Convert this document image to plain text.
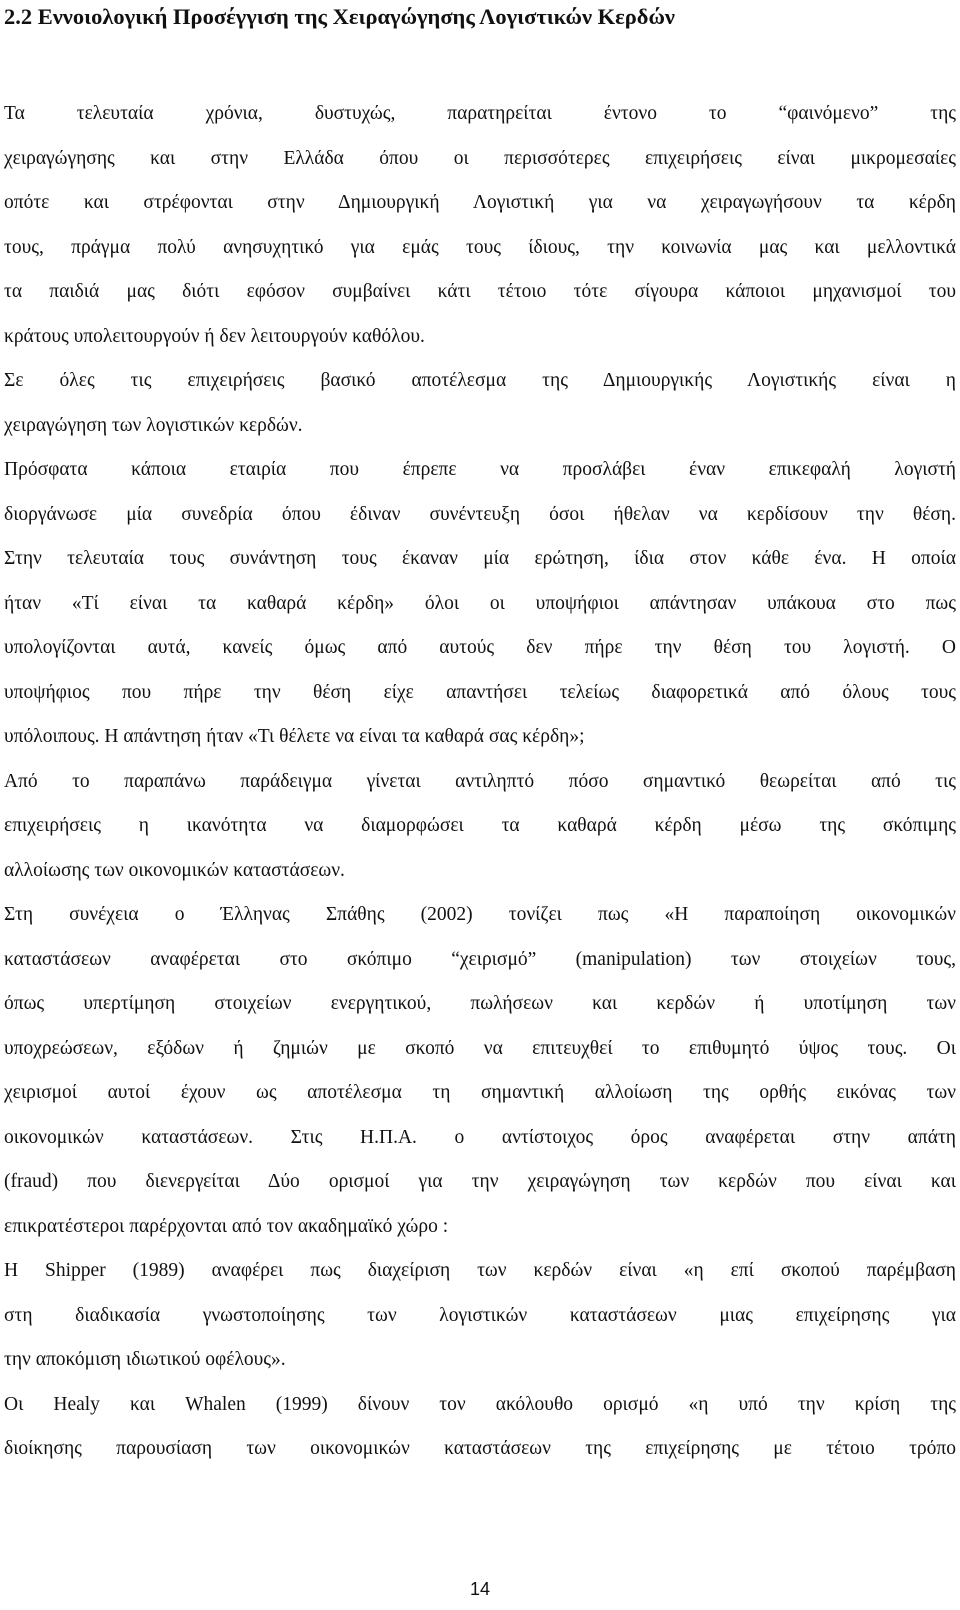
2.2 Εννοιολογική Προσέγγιση της Χειραγώγησης Λογιστικών Κερδών

Τα τελευταία χρόνια, δυστυχώς, παρατηρείται έντονο το “φαινόμενο” της
χειραγώγησης και στην Ελλάδα όπου οι περισσότερες επιχειρήσεις είναι μικρομεσαίες
οπότε και στρέφονται στην Δημιουργική Λογιστική για να χειραγωγήσουν τα κέρδη
τους, πράγμα πολύ ανησυχητικό για εμάς τους ίδιους, την κοινωνία μας και μελλοντικά
τα παιδιά μας διότι εφόσον συμβαίνει κάτι τέτοιο τότε σίγουρα κάποιοι μηχανισμοί του
κράτους υπολειτουργούν ή δεν λειτουργούν καθόλου.

Σε όλες τις επιχειρήσεις βασικό αποτέλεσμα της Δημιουργικής Λογιστικής είναι η
χειραγώγηση των λογιστικών κερδών.

Πρόσφατα κάποια εταιρία που έπρεπε να προσλάβει έναν επικεφαλή λογιστή
διοργάνωσε μία συνεδρία όπου έδιναν συνέντευξη όσοι ήθελαν να κερδίσουν την θέση.
Στην τελευταία τους συνάντηση τους έκαναν μία ερώτηση, ίδια στον κάθε ένα. Η οποία
ήταν «Τί είναι τα καθαρά κέρδη» όλοι οι υποψήφιοι απάντησαν υπάκουα στο πως
υπολογίζονται αυτά, κανείς όμως από αυτούς δεν πήρε την θέση του λογιστή. Ο
υποψήφιος που πήρε την θέση είχε απαντήσει τελείως διαφορετικά από όλους τους
υπόλοιπους. Η απάντηση ήταν «Τι θέλετε να είναι τα καθαρά σας κέρδη»;

Από το παραπάνω παράδειγμα γίνεται αντιληπτό πόσο σημαντικό θεωρείται από τις
επιχειρήσεις η ικανότητα να διαμορφώσει τα καθαρά κέρδη μέσω της σκόπιμης
αλλοίωσης των οικονομικών καταστάσεων.

Στη συνέχεια ο Έλληνας Σπάθης (2002) τονίζει πως «Η παραποίηση οικονομικών
καταστάσεων αναφέρεται στο σκόπιμο “χειρισμό” (manipulation) των στοιχείων τους,
όπως υπερτίμηση στοιχείων ενεργητικού, πωλήσεων και κερδών ή υποτίμηση των
υποχρεώσεων, εξόδων ή ζημιών με σκοπό να επιτευχθεί το επιθυμητό ύψος τους. Οι
χειρισμοί αυτοί έχουν ως αποτέλεσμα τη σημαντική αλλοίωση της ορθής εικόνας των
οικονομικών καταστάσεων. Στις Η.Π.Α. ο αντίστοιχος όρος αναφέρεται στην απάτη
(fraud) που διενεργείται Δύο ορισμοί για την χειραγώγηση των κερδών που είναι και
επικρατέστεροι παρέρχονται από τον ακαδημαϊκό χώρο :

Η Shipper (1989) αναφέρει πως διαχείριση των κερδών είναι «η επί σκοπού παρέμβαση
στη διαδικασία γνωστοποίησης των λογιστικών καταστάσεων μιας επιχείρησης για
την αποκόμιση ιδιωτικού οφέλους».

Οι Healy και Whalen (1999) δίνουν τον ακόλουθο ορισμό «η υπό την κρίση της
διοίκησης παρουσίαση των οικονομικών καταστάσεων της επιχείρησης με τέτοιο τρόπο

14
